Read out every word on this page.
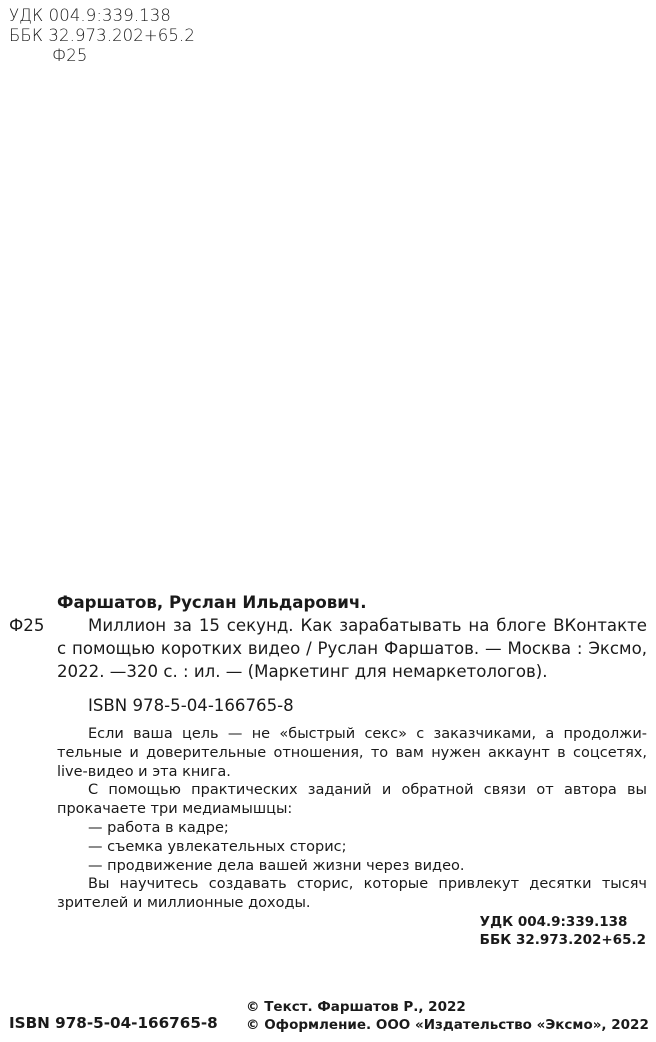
УДК 004.9:339.138
ББК 32.973.202+65.2
Ф25
Фаршатов, Руслан Ильдарович.
Ф25	Миллион за 15 секунд. Как зарабатывать на блоге ВКонтакте с помощью коротких видео / Руслан Фаршатов. — Москва : Эксмо, 2022. —320 с. : ил. — (Маркетинг для немаркетологов).

ISBN 978-5-04-166765-8

Если ваша цель — не «быстрый секс» с заказчиками, а продолжительные и доверительные отношения, то вам нужен аккаунт в соцсетях, live-видео и эта книга.

С помощью практических заданий и обратной связи от автора вы прокачаете три медиамышцы:

— работа в кадре;
— съемка увлекательных сторис;
— продвижение дела вашей жизни через видео.

Вы научитесь создавать сторис, которые привлекут десятки тысяч зрителей и миллионные доходы.

УДК 004.9:339.138
ББК 32.973.202+65.2
ISBN 978-5-04-166765-8
© Текст. Фаршатов Р., 2022
© Оформление. ООО «Издательство «Эксмо», 2022
